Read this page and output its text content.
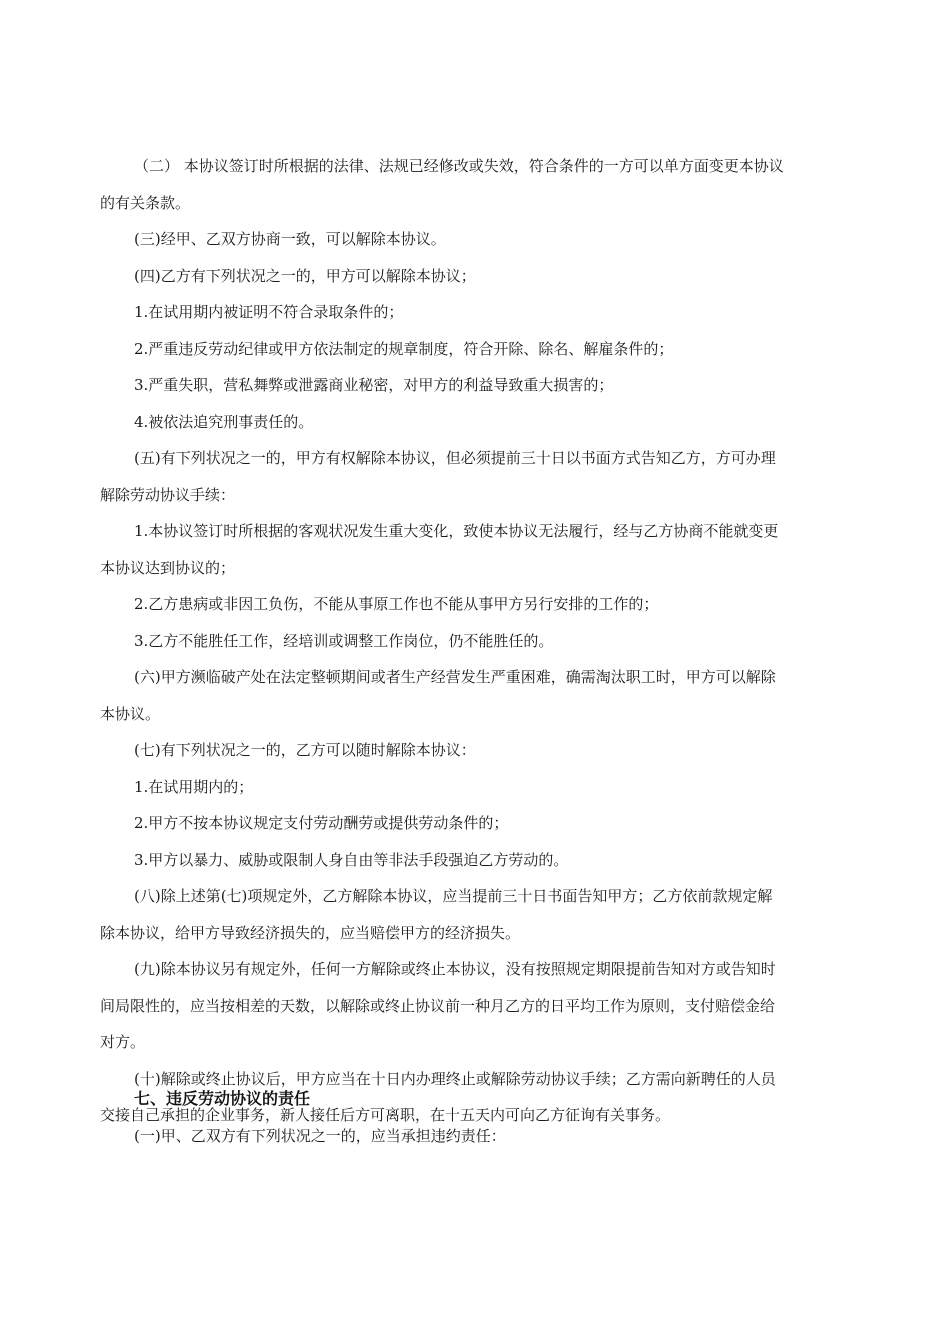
（二） 本协议签订时所根据的法律、法规已经修改或失效，符合条件的一方可以单方面变更本协议
的有关条款。
(三)经甲、乙双方协商一致，可以解除本协议。
(四)乙方有下列状况之一的，甲方可以解除本协议；
1.在试用期内被证明不符合录取条件的；
2.严重违反劳动纪律或甲方依法制定的规章制度，符合开除、除名、解雇条件的；
3.严重失职，营私舞弊或泄露商业秘密，对甲方的利益导致重大损害的；
4.被依法追究刑事责任的。
(五)有下列状况之一的，甲方有权解除本协议，但必须提前三十日以书面方式告知乙方，方可办理
解除劳动协议手续：
1.本协议签订时所根据的客观状况发生重大变化，致使本协议无法履行，经与乙方协商不能就变更
本协议达到协议的；
2.乙方患病或非因工负伤，不能从事原工作也不能从事甲方另行安排的工作的；
3.乙方不能胜任工作，经培训或调整工作岗位，仍不能胜任的。
(六)甲方濒临破产处在法定整顿期间或者生产经营发生严重困难，确需淘汰职工时，甲方可以解除
本协议。
(七)有下列状况之一的，乙方可以随时解除本协议：
1.在试用期内的；
2.甲方不按本协议规定支付劳动酬劳或提供劳动条件的；
3.甲方以暴力、威胁或限制人身自由等非法手段强迫乙方劳动的。
(八)除上述第(七)项规定外，乙方解除本协议，应当提前三十日书面告知甲方；乙方依前款规定解
除本协议，给甲方导致经济损失的，应当赔偿甲方的经济损失。
(九)除本协议另有规定外，任何一方解除或终止本协议，没有按照规定期限提前告知对方或告知时
间局限性的，应当按相差的天数，以解除或终止协议前一种月乙方的日平均工作为原则，支付赔偿金给
对方。
(十)解除或终止协议后，甲方应当在十日内办理终止或解除劳动协议手续；乙方需向新聘任的人员
交接自己承担的企业事务，新人接任后方可离职，在十五天内可向乙方征询有关事务。
七、违反劳动协议的责任
(一)甲、乙双方有下列状况之一的，应当承担违约责任：
